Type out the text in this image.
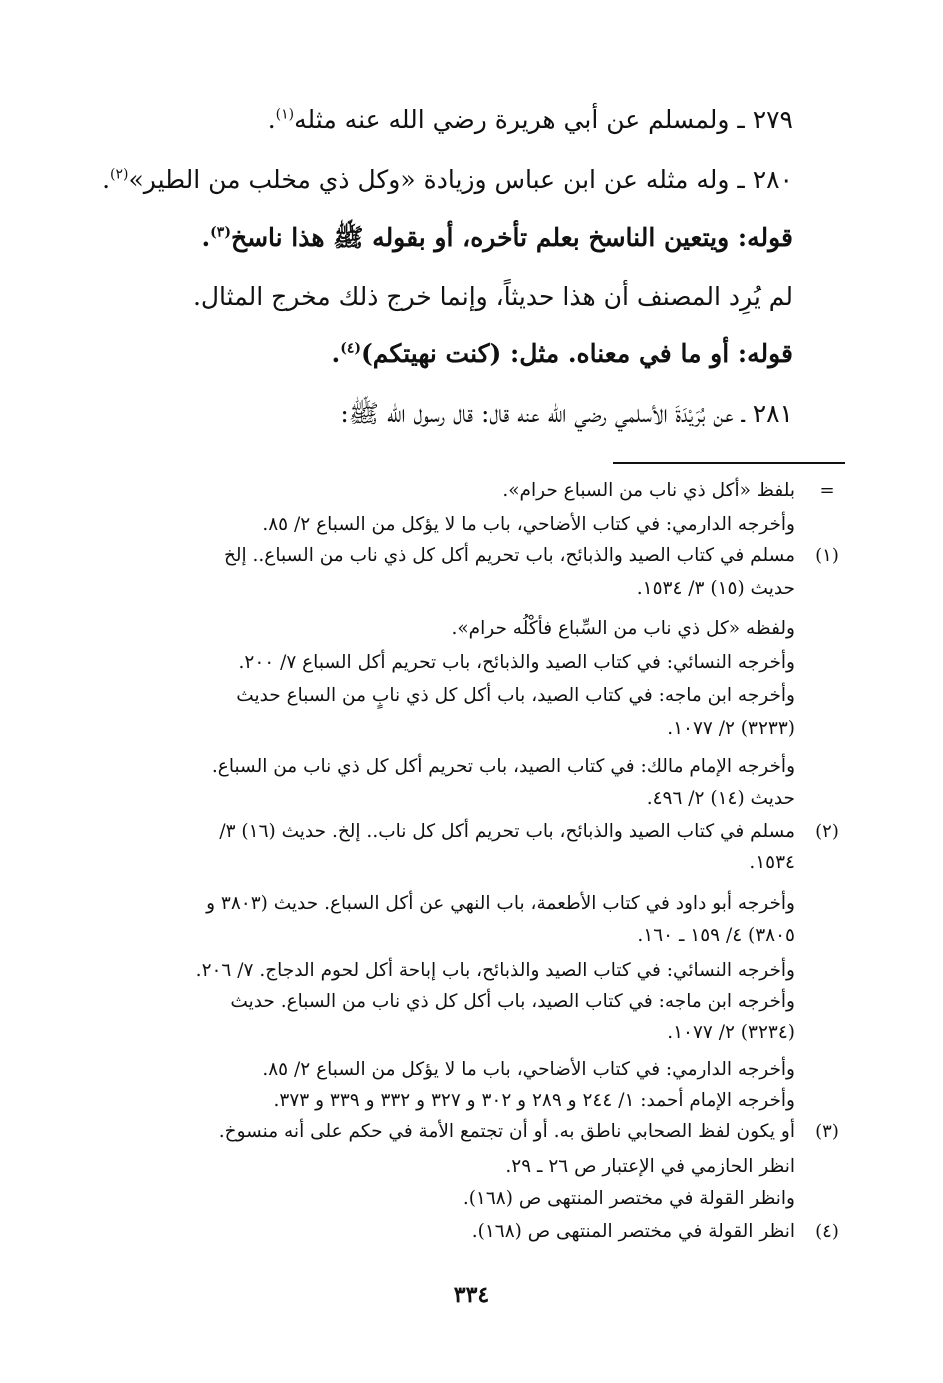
٢٧٩ ـ ولمسلم عن أبي هريرة رضي الله عنه مثله$^{(١)}$.
٢٨٠ ـ وله مثله عن ابن عباس وزيادة «وكل ذي مخلب من الطير»$^{(٢)}$.
قوله: ويتعين الناسخ بعلم تأخره، أو بقوله ﷺ هذا ناسخ$^{(٣)}$.
لم يُرِد المصنف أن هذا حديثاً، وإنما خرج ذلك مخرج المثال.
قوله: أو ما في معناه. مثل: (كنت نهيتكم)$^{(٤)}$.
٢٨١ ـ عن بُرَيْدَةَ الأسلمي رضي الله عنه قال: قال رسول الله ﷺ:
=
بلفظ «أكل ذي ناب من السباع حرام».
وأخرجه الدارمي: في كتاب الأضاحي، باب ما لا يؤكل من السباع ٢/ ٨٥.
(١)
مسلم في كتاب الصيد والذبائح، باب تحريم أكل كل ذي ناب من السباع.. إلخ
حديث (١٥) ٣/ ١٥٣٤.
ولفظه «كل ذي ناب من السِّباع فأكْلُه حرام».
وأخرجه النسائي: في كتاب الصيد والذبائح، باب تحريم أكل السباع ٧/ ٢٠٠.
وأخرجه ابن ماجه: في كتاب الصيد، باب أكل كل ذي نابٍ من السباع حديث
(٣٢٣٣) ٢/ ١٠٧٧.
وأخرجه الإمام مالك: في كتاب الصيد، باب تحريم أكل كل ذي ناب من السباع.
حديث (١٤) ٢/ ٤٩٦.
(٢)
مسلم في كتاب الصيد والذبائح، باب تحريم أكل كل ناب.. إلخ. حديث (١٦) ٣/
١٥٣٤.
وأخرجه أبو داود في كتاب الأطعمة، باب النهي عن أكل السباع. حديث (٣٨٠٣ و
٣٨٠٥) ٤/ ١٥٩ ـ ١٦٠.
وأخرجه النسائي: في كتاب الصيد والذبائح، باب إباحة أكل لحوم الدجاج. ٧/ ٢٠٦.
وأخرجه ابن ماجه: في كتاب الصيد، باب أكل كل ذي ناب من السباع. حديث
(٣٢٣٤) ٢/ ١٠٧٧.
وأخرجه الدارمي: في كتاب الأضاحي، باب ما لا يؤكل من السباع ٢/ ٨٥.
وأخرجه الإمام أحمد: ١/ ٢٤٤ و ٢٨٩ و ٣٠٢ و ٣٢٧ و ٣٣٢ و ٣٣٩ و ٣٧٣.
(٣)
أو يكون لفظ الصحابي ناطق به. أو أن تجتمع الأمة في حكم على أنه منسوخ.
انظر الحازمي في الإعتبار ص ٢٦ ـ ٢٩.
وانظر القولة في مختصر المنتهى ص (١٦٨).
(٤)
انظر القولة في مختصر المنتهى ص (١٦٨).
٣٣٤
